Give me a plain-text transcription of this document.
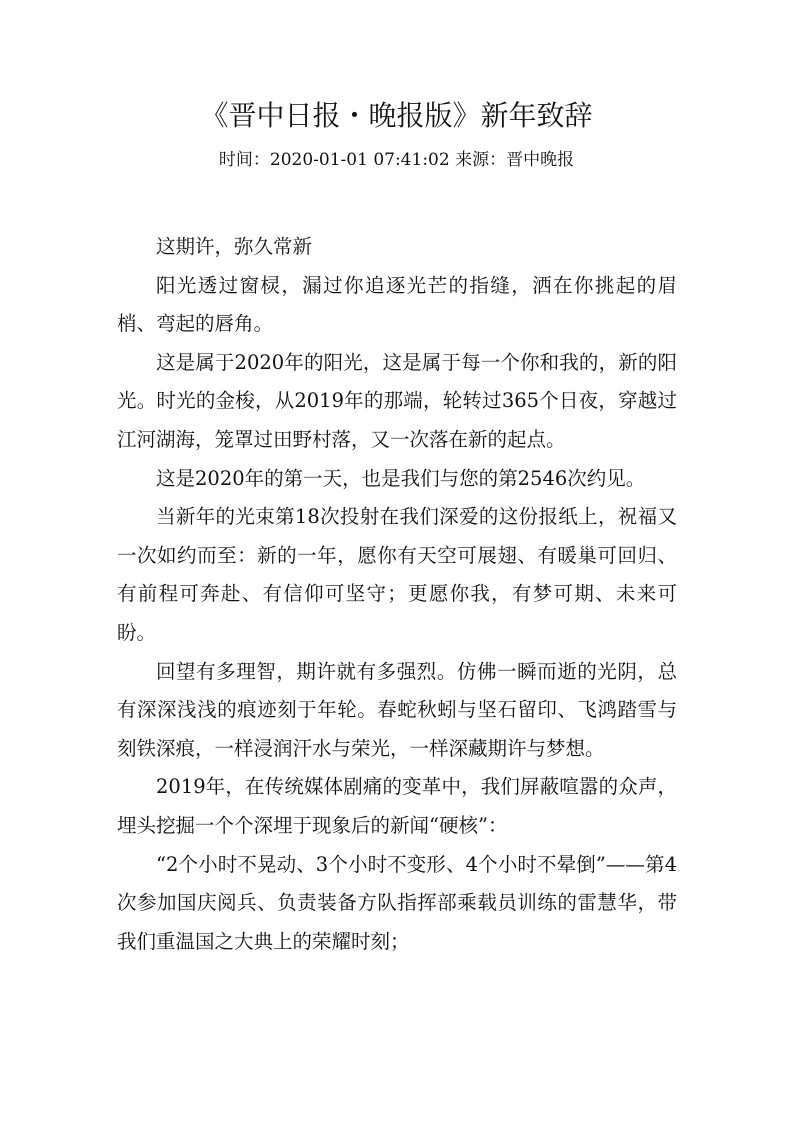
《晋中日报・晚报版》新年致辞
时间：2020-01-01 07:41:02 来源：晋中晚报

这期许，弥久常新

阳光透过窗棂，漏过你追逐光芒的指缝，洒在你挑起的眉梢、弯起的唇角。

这是属于2020年的阳光，这是属于每一个你和我的，新的阳光。时光的金梭，从2019年的那端，轮转过365个日夜，穿越过江河湖海，笼罩过田野村落，又一次落在新的起点。

这是2020年的第一天，也是我们与您的第2546次约见。

当新年的光束第18次投射在我们深爱的这份报纸上，祝福又一次如约而至：新的一年，愿你有天空可展翅、有暖巢可回归、有前程可奔赴、有信仰可坚守；更愿你我，有梦可期、未来可盼。

回望有多理智，期许就有多强烈。仿佛一瞬而逝的光阴，总有深深浅浅的痕迹刻于年轮。春蛇秋蚓与坚石留印、飞鸿踏雪与刻铁深痕，一样浸润汗水与荣光，一样深藏期许与梦想。

2019年，在传统媒体剧痛的变革中，我们屏蔽喧嚣的众声，埋头挖掘一个个深埋于现象后的新闻“硬核”：

“2个小时不晃动、3个小时不变形、4个小时不晕倒”——第4次参加国庆阅兵、负责装备方队指挥部乘载员训练的雷慧华，带我们重温国之大典上的荣耀时刻；
